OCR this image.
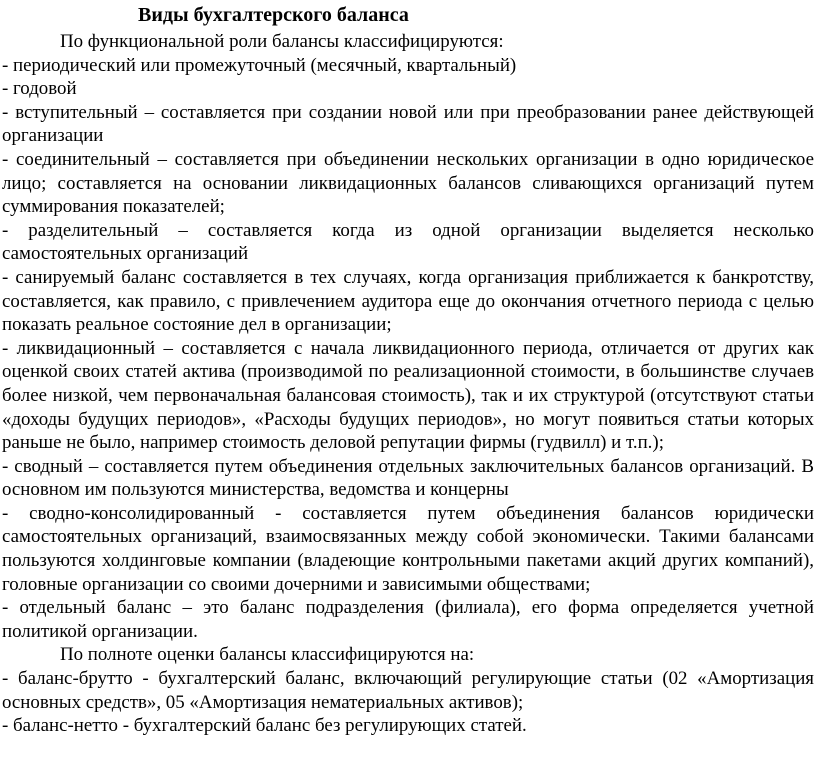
Виды бухгалтерского баланса

По функциональной роли балансы классифицируются:

- периодический или промежуточный (месячный, квартальный)

- годовой

- вступительный – составляется при создании новой или при преобразовании ранее действующей организации

- соединительный – составляется при объединении нескольких организации в одно юридическое лицо; составляется на основании ликвидационных балансов сливающихся организаций путем суммирования показателей;

- разделительный – составляется когда из одной организации выделяется несколько самостоятельных организаций

- санируемый баланс составляется в тех случаях, когда организация приближается к банкротству, составляется, как правило, с привлечением аудитора еще до окончания отчетного периода с целью показать реальное состояние дел в организации;

- ликвидационный – составляется с начала ликвидационного периода, отличается от других как оценкой своих статей актива (производимой по реализационной стоимости, в большинстве случаев более низкой, чем первоначальная балансовая стоимость), так и их структурой (отсутствуют статьи «доходы будущих периодов», «Расходы будущих периодов», но могут появиться статьи которых раньше не было, например стоимость деловой репутации фирмы (гудвилл) и т.п.);

- сводный – составляется путем объединения отдельных заключительных балансов организаций. В основном им пользуются министерства, ведомства и концерны

- сводно-консолидированный - составляется путем объединения балансов юридически самостоятельных организаций, взаимосвязанных между собой экономически. Такими балансами пользуются холдинговые компании (владеющие контрольными пакетами акций других компаний), головные организации со своими дочерними и зависимыми обществами;

- отдельный баланс – это баланс подразделения (филиала), его форма определяется учетной политикой организации.

По полноте оценки балансы классифицируются на:

- баланс-брутто - бухгалтерский баланс, включающий регулирующие статьи (02 «Амортизация основных средств», 05 «Амортизация нематериальных активов);

- баланс-нетто - бухгалтерский баланс без регулирующих статей.
